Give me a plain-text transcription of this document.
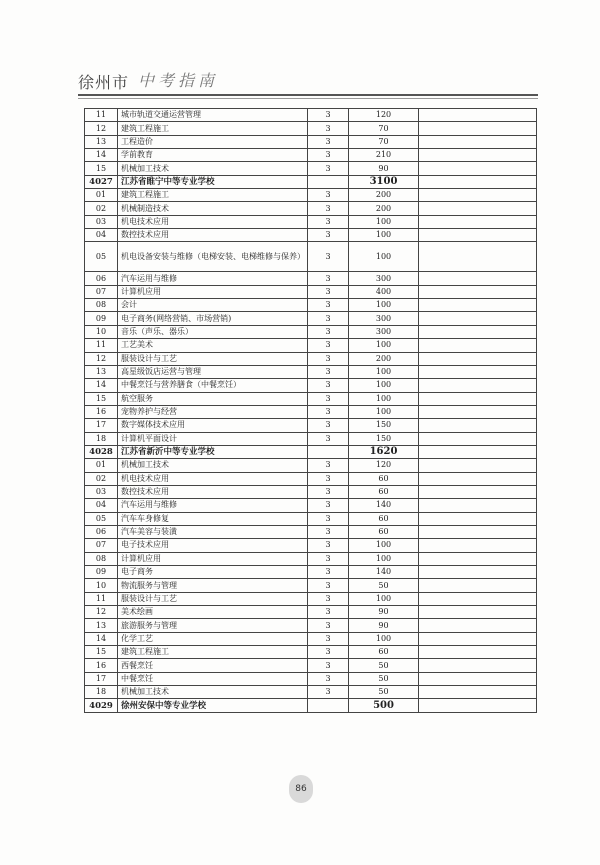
徐州市 中考指南
11	城市轨道交通运营管理	3	120	
12	建筑工程施工	3	70	
13	工程造价	3	70	
14	学前教育	3	210	
15	机械加工技术	3	90	
4027	江苏省睢宁中等专业学校		3100	
01	建筑工程施工	3	200	
02	机械制造技术	3	200	
03	机电技术应用	3	100	
04	数控技术应用	3	100	
05	机电设备安装与维修（电梯安装、电梯维修与保养）	3	100	
06	汽车运用与维修	3	300	
07	计算机应用	3	400	
08	会计	3	100	
09	电子商务(网络营销、市场营销)	3	300	
10	音乐（声乐、器乐）	3	300	
11	工艺美术	3	100	
12	服装设计与工艺	3	200	
13	高星级饭店运营与管理	3	100	
14	中餐烹饪与营养膳食（中餐烹饪）	3	100	
15	航空服务	3	100	
16	宠物养护与经营	3	100	
17	数字媒体技术应用	3	150	
18	计算机平面设计	3	150	
4028	江苏省新沂中等专业学校		1620	
01	机械加工技术	3	120	
02	机电技术应用	3	60	
03	数控技术应用	3	60	
04	汽车运用与维修	3	140	
05	汽车车身修复	3	60	
06	汽车美容与装潢	3	60	
07	电子技术应用	3	100	
08	计算机应用	3	100	
09	电子商务	3	140	
10	物流服务与管理	3	50	
11	服装设计与工艺	3	100	
12	美术绘画	3	90	
13	旅游服务与管理	3	90	
14	化学工艺	3	100	
15	建筑工程施工	3	60	
16	西餐烹饪	3	50	
17	中餐烹饪	3	50	
18	机械加工技术	3	50	
4029	徐州安保中等专业学校		500	
86
